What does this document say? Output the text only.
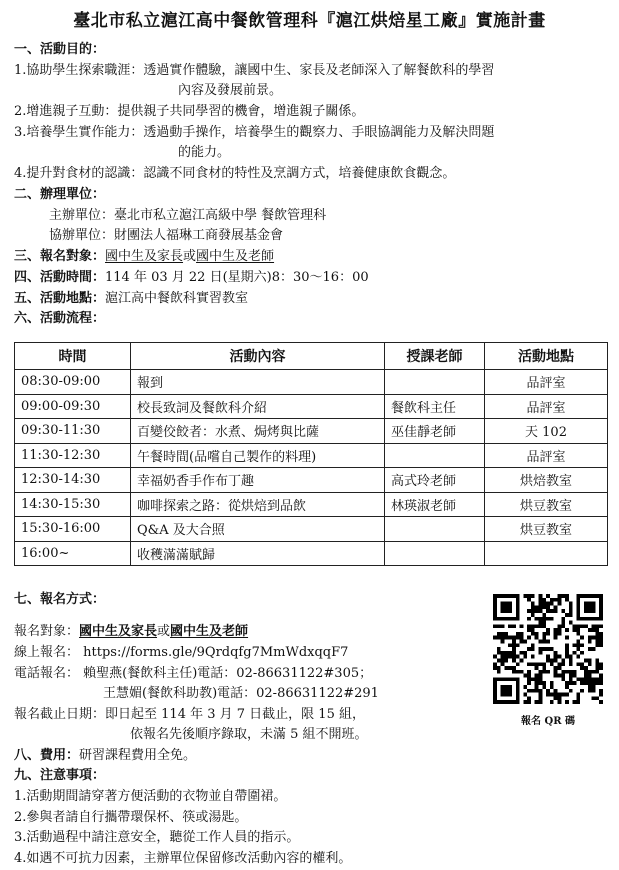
臺北市私立滬江高中餐飲管理科『滬江烘焙星工廠』實施計畫
一、活動目的：
1.協助學生探索職涯：透過實作體驗，讓國中生、家長及老師深入了解餐飲科的學習
內容及發展前景。
2.增進親子互動：提供親子共同學習的機會，增進親子關係。
3.培養學生實作能力：透過動手操作，培養學生的觀察力、手眼協調能力及解決問題
的能力。
4.提升對食材的認識：認識不同食材的特性及烹調方式，培養健康飲食觀念。
二、辦理單位：
主辦單位：臺北市私立滬江高級中學 餐飲管理科
協辦單位：財團法人福琳工商發展基金會
三、報名對象：國中生及家長或國中生及老師
四、活動時間：114 年 03 月 22 日(星期六)8：30～16：00
五、活動地點：滬江高中餐飲科實習教室
六、活動流程：
時間	活動內容	授課老師	活動地點
08:30-09:00	報到		品評室
09:00-09:30	校長致詞及餐飲科介紹	餐飲科主任	品評室
09:30-11:30	百變佼餃者：水煮、焗烤與比薩	巫佳靜老師	天 102
11:30-12:30	午餐時間(品嚐自己製作的料理)		品評室
12:30-14:30	幸福奶香手作布丁趣	高式玲老師	烘焙教室
14:30-15:30	咖啡探索之路：從烘焙到品飲	林瑛淑老師	烘豆教室
15:30-16:00	Q&A 及大合照		烘豆教室
16:00~	收穫滿滿賦歸		
七、報名方式：
報名對象：國中生及家長或國中生及老師
線上報名： https://forms.gle/9Qrdqfg7MmWdxqqF7
電話報名： 賴聖燕(餐飲科主任)電話：02-86631122#305；
王慧媚(餐飲科助教)電話：02-86631122#291
報名截止日期：即日起至 114 年 3 月 7 日截止，限 15 組，
依報名先後順序錄取，未滿 5 組不開班。
報名 QR 碼
八、費用：研習課程費用全免。
九、注意事項：
1.活動期間請穿著方便活動的衣物並自帶圍裙。
2.參與者請自行攜帶環保杯、筷或湯匙。
3.活動過程中請注意安全，聽從工作人員的指示。
4.如遇不可抗力因素，主辦單位保留修改活動內容的權利。
